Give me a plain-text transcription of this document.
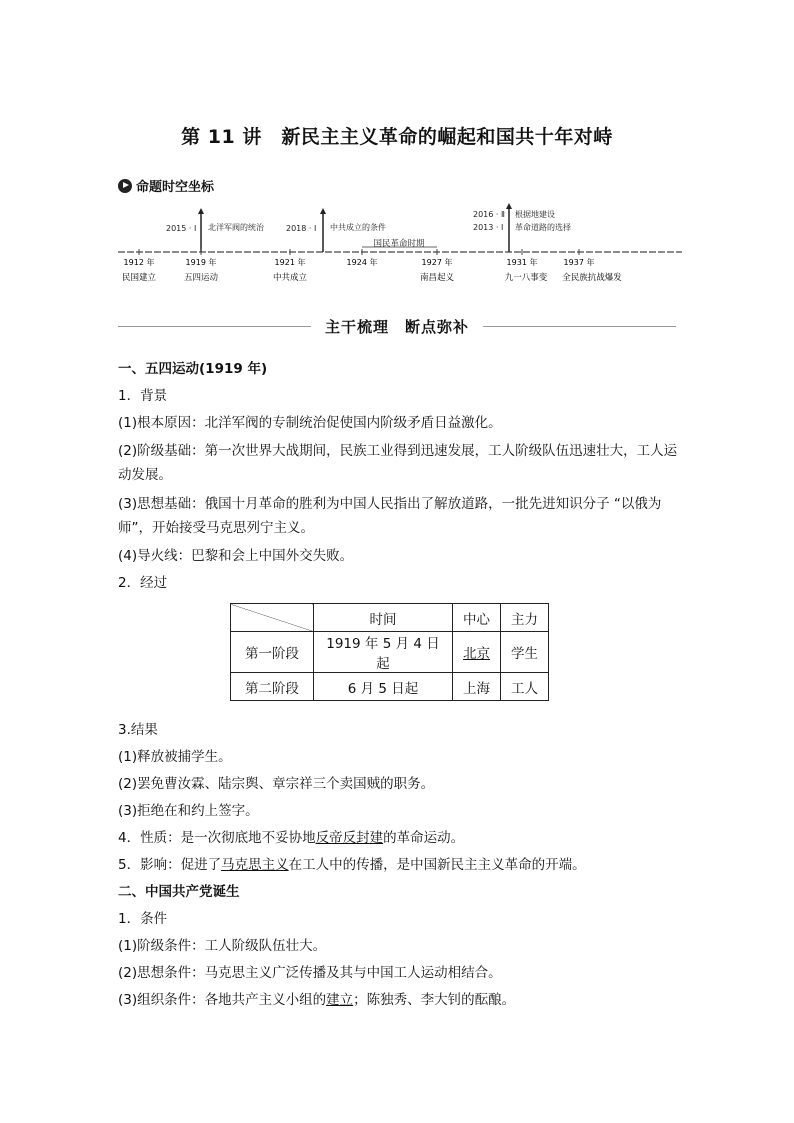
第 11 讲　新民主主义革命的崛起和国共十年对峙
命题时空坐标
国民革命时期
2015 · Ⅰ 北洋军阀的统治	2018 · Ⅰ 中共成立的条件
2016 · Ⅱ
2013 · Ⅰ
根据地建设
革命道路的选择
1912 年
民国建立
1919 年
五四运动
1921 年
中共成立
1924 年	1927 年
南昌起义
1931 年
九一八事变
1937 年
全民族抗战爆发
主干梳理　断点弥补
一、五四运动(1919 年)
1．背景
(1)根本原因：北洋军阀的专制统治促使国内阶级矛盾日益激化。
(2)阶级基础：第一次世界大战期间，民族工业得到迅速发展，工人阶级队伍迅速壮大，工人运动发展。
(3)思想基础：俄国十月革命的胜利为中国人民指出了解放道路，一批先进知识分子 “以俄为师”，开始接受马克思列宁主义。
(4)导火线：巴黎和会上中国外交失败。
2．经过
	时间	中心	主力
第一阶段	1919 年 5 月 4 日起	北京	学生
第二阶段	6 月 5 日起	上海	工人
3.结果
(1)释放被捕学生。
(2)罢免曹汝霖、陆宗舆、章宗祥三个卖国贼的职务。
(3)拒绝在和约上签字。
4．性质：是一次彻底地不妥协地反帝反封建的革命运动。
5．影响：促进了马克思主义在工人中的传播，是中国新民主主义革命的开端。
二、中国共产党诞生
1．条件
(1)阶级条件：工人阶级队伍壮大。
(2)思想条件：马克思主义广泛传播及其与中国工人运动相结合。
(3)组织条件：各地共产主义小组的建立；陈独秀、李大钊的酝酿。
